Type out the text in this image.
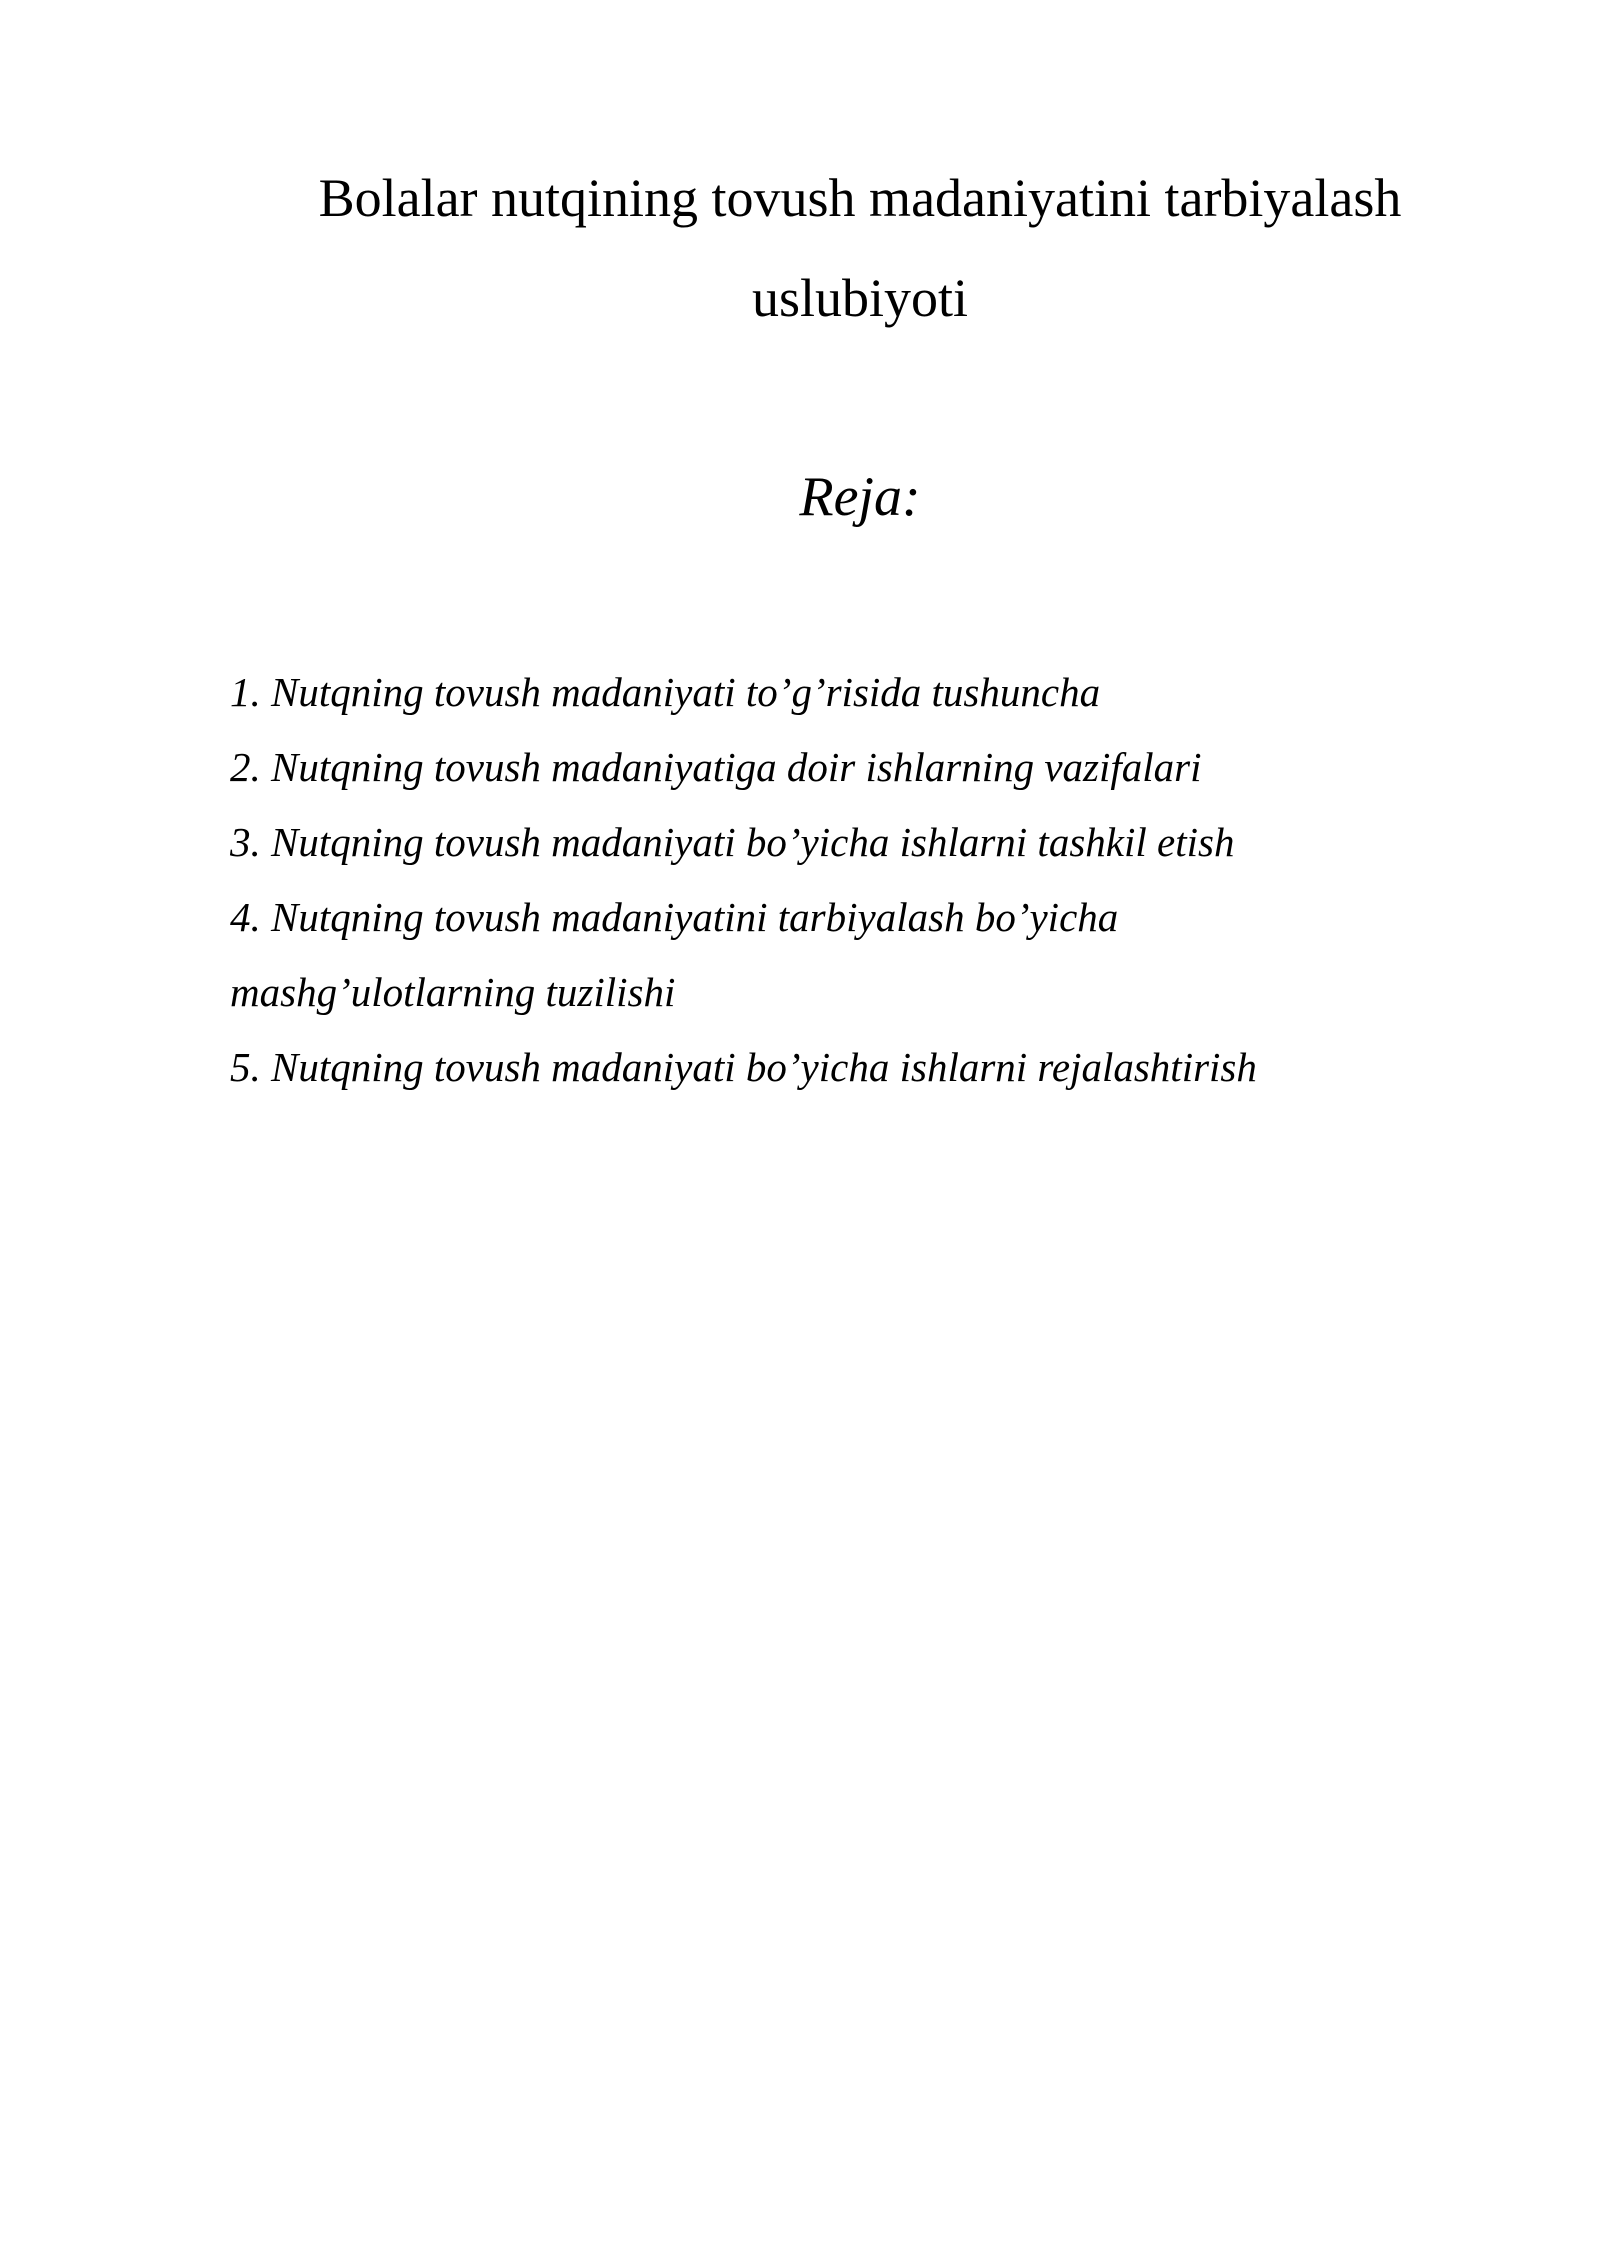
Bolalar nutqining tovush madaniyatini tarbiyalash
uslubiyoti
Reja:
1. Nutqning tovush madaniyati to’g’risida tushuncha
2. Nutqning tovush madaniyatiga doir ishlarning vazifalari
3. Nutqning tovush madaniyati bo’yicha ishlarni tashkil etish
4. Nutqning tovush madaniyatini tarbiyalash bo’yicha
mashg’ulotlarning tuzilishi
5. Nutqning tovush madaniyati bo’yicha ishlarni rejalashtirish
